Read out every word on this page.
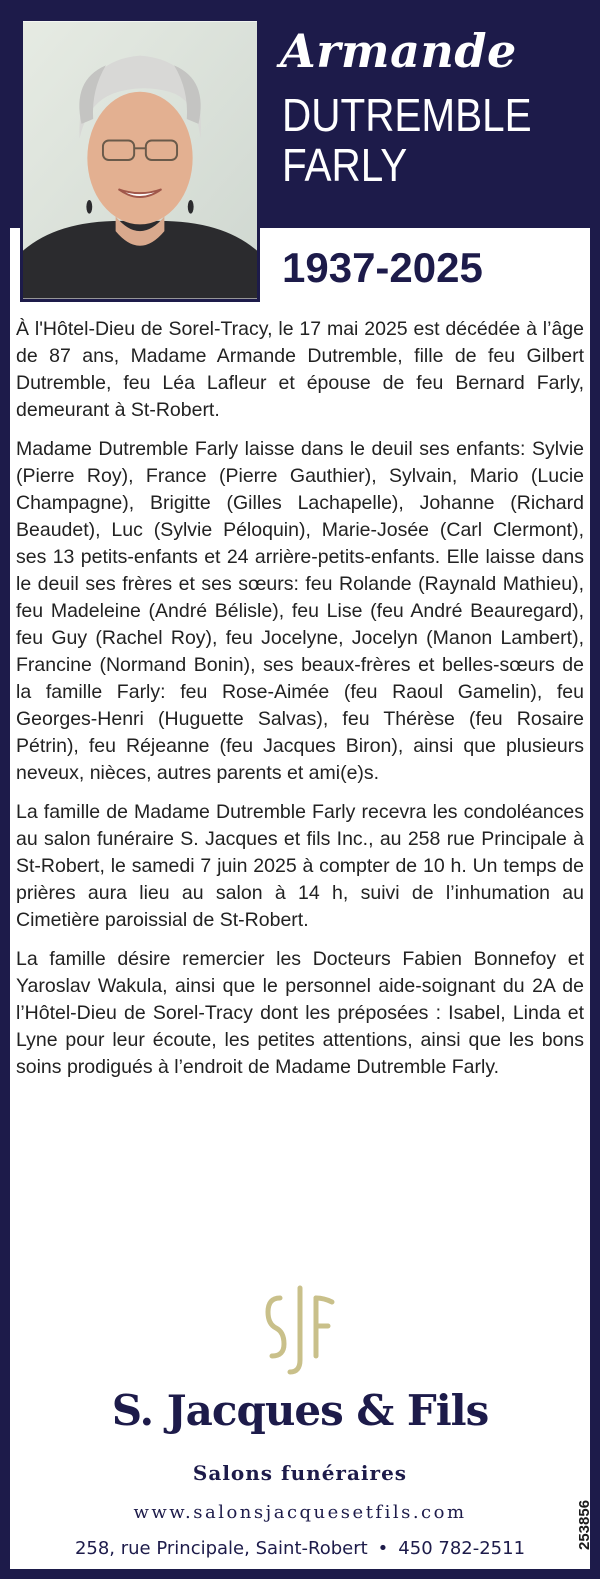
Armande
DUTREMBLE
FARLY
1937-2025

À l'Hôtel-Dieu de Sorel-Tracy, le 17 mai 2025 est décédée à l’âge de 87 ans, Madame Armande Dutremble, fille de feu Gilbert Dutremble, feu Léa Lafleur et épouse de feu Bernard Farly, demeurant à St-Robert.

Madame Dutremble Farly laisse dans le deuil ses enfants: Sylvie (Pierre Roy), France (Pierre Gauthier), Sylvain, Mario (Lucie Champagne), Brigitte (Gilles Lachapelle), Johanne (Richard Beaudet), Luc (Sylvie Péloquin), Marie-Josée (Carl Clermont), ses 13 petits-enfants et 24 arrière-petits-enfants. Elle laisse dans le deuil ses frères et ses sœurs: feu Rolande (Raynald Mathieu), feu Madeleine (André Bélisle), feu Lise (feu André Beauregard), feu Guy (Rachel Roy), feu Jocelyne, Jocelyn (Manon Lambert), Francine (Normand Bonin), ses beaux-frères et belles-sœurs de la famille Farly: feu Rose-Aimée (feu Raoul Gamelin), feu Georges-Henri (Huguette Salvas), feu Thérèse (feu Rosaire Pétrin), feu Réjeanne (feu Jacques Biron), ainsi que plusieurs neveux, nièces, autres parents et ami(e)s.

La famille de Madame Dutremble Farly recevra les condoléances au salon funéraire S. Jacques et fils Inc., au 258 rue Principale à St-Robert, le samedi 7 juin 2025 à compter de 10 h. Un temps de prières aura lieu au salon à 14 h, suivi de l’inhumation au Cimetière paroissial de St-Robert.

La famille désire remercier les Docteurs Fabien Bonnefoy et Yaroslav Wakula, ainsi que le personnel aide-soignant du 2A de l’Hôtel-Dieu de Sorel-Tracy dont les préposées : Isabel, Linda et Lyne pour leur écoute, les petites attentions, ainsi que les bons soins prodigués à l’endroit de Madame Dutremble Farly.

S. Jacques & Fils
Salons funéraires
www.salonsjacquesetfils.com
258, rue Principale, Saint-Robert • 450 782-2511	253856
